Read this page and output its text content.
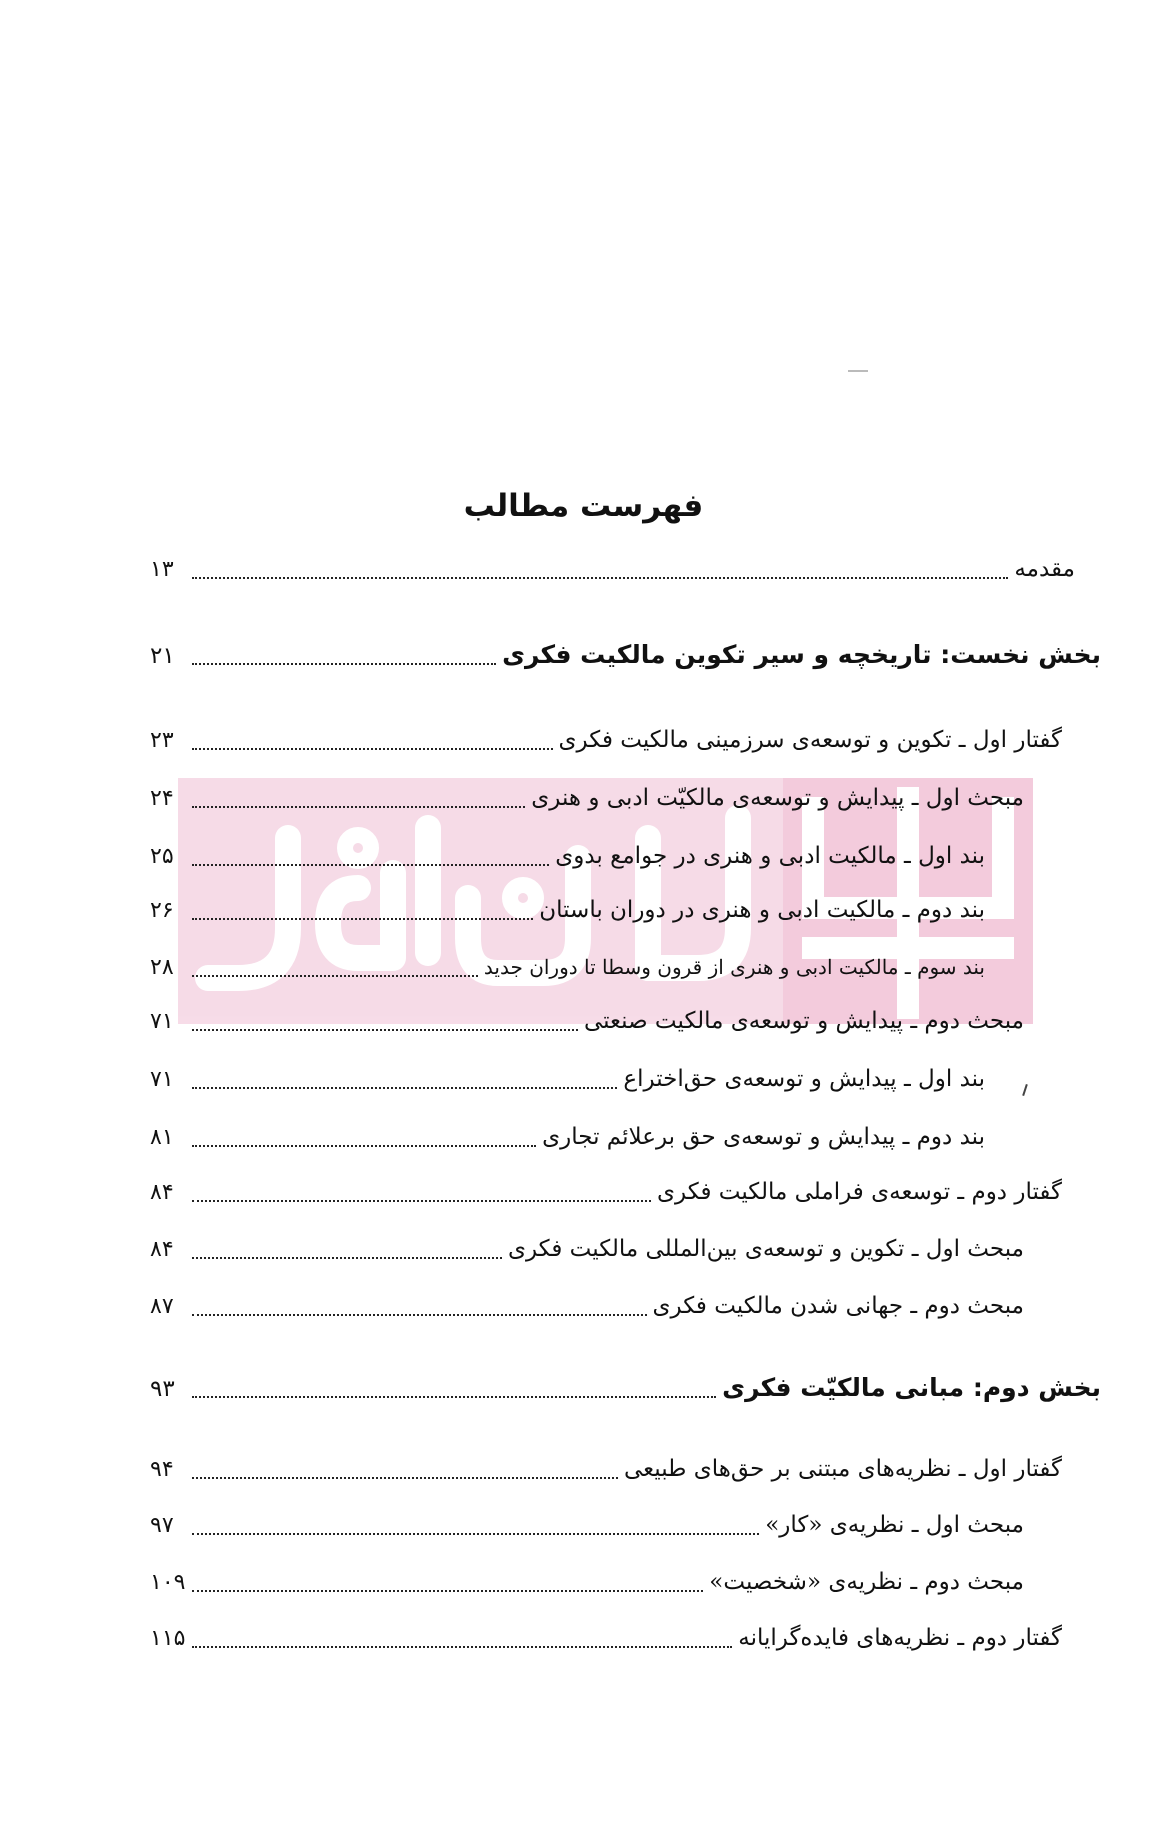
فهرست مطالب
مقدمه
۱۳
بخش نخست: تاریخچه و سیر تکوین مالکیت فکری
۲۱
گفتار اول ـ تکوین و توسعه‌ی سرزمینی مالکیت فکری
۲۳
مبحث اول ـ پیدایش و توسعه‌ی مالکیّت ادبی و هنری
۲۴
بند اول ـ مالکیت ادبی و هنری در جوامع بدوی
۲۵
بند دوم ـ مالکیت ادبی و هنری در دوران باستان
۲۶
بند سوم ـ مالکیت ادبی و هنری از قرون وسطا تا دوران جدید
۲۸
مبحث دوم ـ پیدایش و توسعه‌ی مالکیت صنعتی
۷۱
بند اول ـ پیدایش و توسعه‌ی حق‌اختراع
۷۱
بند دوم ـ پیدایش و توسعه‌ی حق برعلائم تجاری
۸۱
گفتار دوم ـ توسعه‌ی فراملی مالکیت فکری
۸۴
مبحث اول ـ تکوین و توسعه‌ی بین‌المللی مالکیت فکری
۸۴
مبحث دوم ـ جهانی شدن مالکیت فکری
۸۷
بخش دوم: مبانی مالکیّت فکری
۹۳
گفتار اول ـ نظریه‌های مبتنی بر حق‌های طبیعی
۹۴
مبحث اول ـ نظریه‌ی «کار»
۹۷
مبحث دوم ـ نظریه‌ی «شخصیت»
۱۰۹
گفتار دوم ـ نظریه‌های فایده‌گرایانه
۱۱۵
